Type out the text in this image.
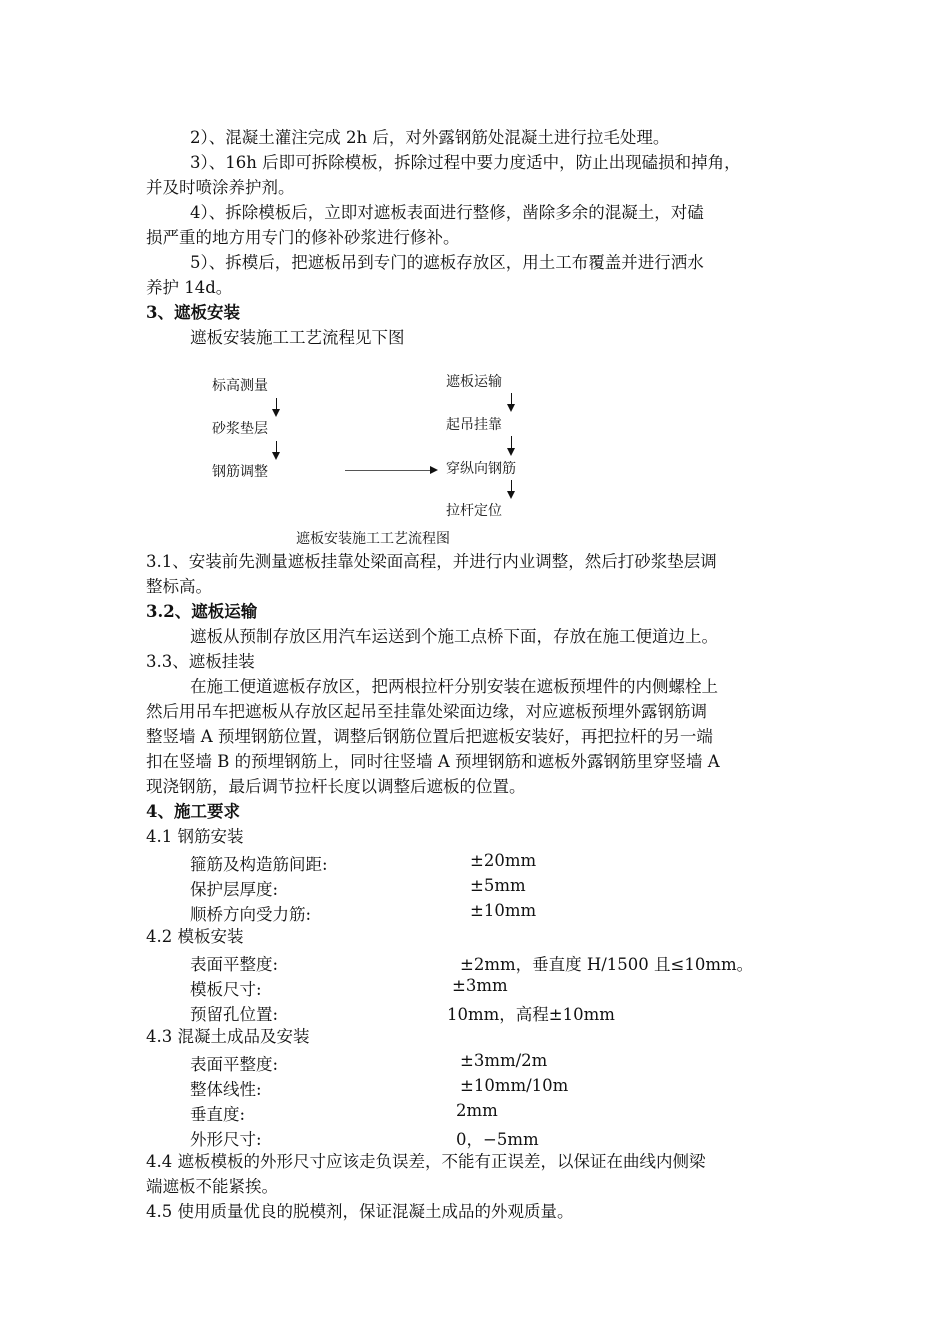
2）、混凝土灌注完成 2h 后，对外露钢筋处混凝土进行拉毛处理。
3）、16h 后即可拆除模板，拆除过程中要力度适中，防止出现磕损和掉角，
并及时喷涂养护剂。
4）、拆除模板后，立即对遮板表面进行整修，凿除多余的混凝土，对磕
损严重的地方用专门的修补砂浆进行修补。
5）、拆模后，把遮板吊到专门的遮板存放区，用土工布覆盖并进行洒水
养护 14d。
3、遮板安装
遮板安装施工工艺流程见下图
标高测量
砂浆垫层
钢筋调整
遮板运输
起吊挂靠
穿纵向钢筋
拉杆定位
遮板安装施工工艺流程图
3.1、安装前先测量遮板挂靠处梁面高程，并进行内业调整，然后打砂浆垫层调
整标高。
3.2、遮板运输
遮板从预制存放区用汽车运送到个施工点桥下面，存放在施工便道边上。
3.3、遮板挂装
在施工便道遮板存放区，把两根拉杆分别安装在遮板预埋件的内侧螺栓上
然后用吊车把遮板从存放区起吊至挂靠处梁面边缘，对应遮板预埋外露钢筋调
整竖墙 A 预埋钢筋位置，调整后钢筋位置后把遮板安装好，再把拉杆的另一端
扣在竖墙 B 的预埋钢筋上，同时往竖墙 A 预埋钢筋和遮板外露钢筋里穿竖墙 A
现浇钢筋，最后调节拉杆长度以调整后遮板的位置。
4、施工要求
4.1 钢筋安装
箍筋及构造筋间距:	±20mm
保护层厚度:	±5mm
顺桥方向受力筋:	±10mm
4.2 模板安装
表面平整度:	±2mm，垂直度 H/1500 且≤10mm。
模板尺寸:	±3mm
预留孔位置:	10mm，高程±10mm
4.3 混凝土成品及安装
表面平整度:	±3mm/2m
整体线性:	±10mm/10m
垂直度:	2mm
外形尺寸:	0，−5mm
4.4 遮板模板的外形尺寸应该走负误差，不能有正误差，以保证在曲线内侧梁
端遮板不能紧挨。
4.5 使用质量优良的脱模剂，保证混凝土成品的外观质量。
